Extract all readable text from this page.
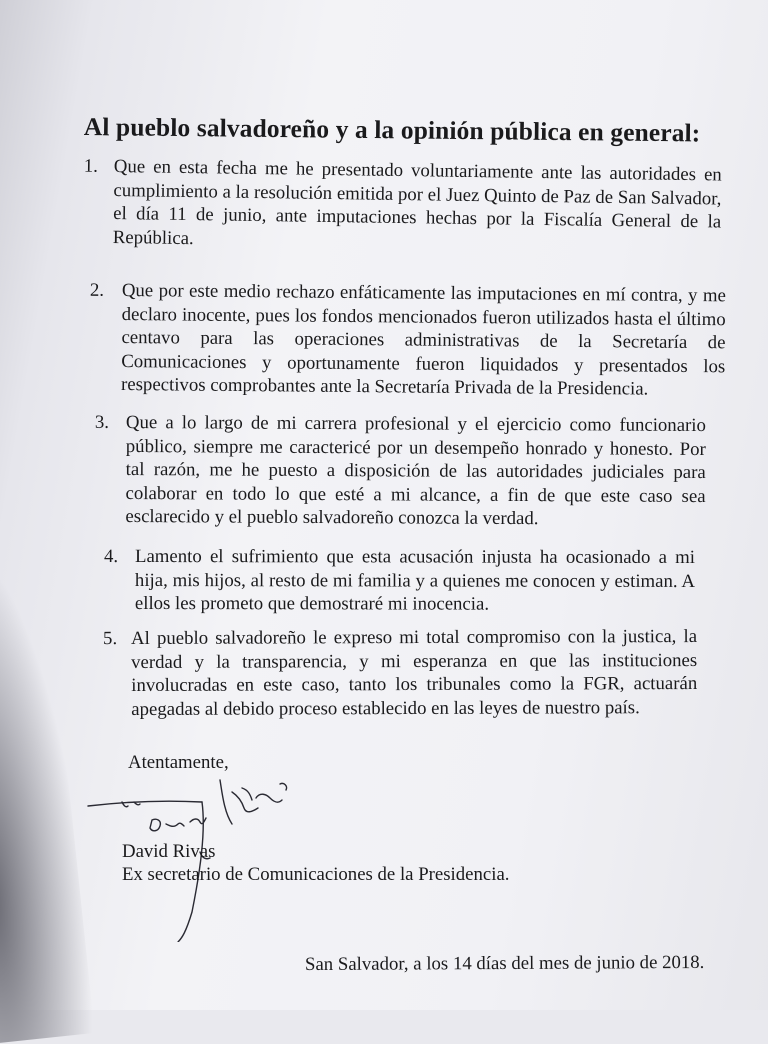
Al pueblo salvadoreño y a la opinión pública en general:
1. Que en esta fecha me he presentado voluntariamente ante las autoridades en cumplimiento a la resolución emitida por el Juez Quinto de Paz de San Salvador, el día 11 de junio, ante imputaciones hechas por la Fiscalía General de la República.
2. Que por este medio rechazo enfáticamente las imputaciones en mí contra, y me declaro inocente, pues los fondos mencionados fueron utilizados hasta el último centavo para las operaciones administrativas de la Secretaría de Comunicaciones y oportunamente fueron liquidados y presentados los respectivos comprobantes ante la Secretaría Privada de la Presidencia.
3. Que a lo largo de mi carrera profesional y el ejercicio como funcionario público, siempre me caractericé por un desempeño honrado y honesto. Por tal razón, me he puesto a disposición de las autoridades judiciales para colaborar en todo lo que esté a mi alcance, a fin de que este caso sea esclarecido y el pueblo salvadoreño conozca la verdad.
4. Lamento el sufrimiento que esta acusación injusta ha ocasionado a mi hija, mis hijos, al resto de mi familia y a quienes me conocen y estiman. A ellos les prometo que demostraré mi inocencia.
5. Al pueblo salvadoreño le expreso mi total compromiso con la justica, la verdad y la transparencia, y mi esperanza en que las instituciones involucradas en este caso, tanto los tribunales como la FGR, actuarán apegadas al debido proceso establecido en las leyes de nuestro país.
Atentamente,
David Rivas
Ex secretario de Comunicaciones de la Presidencia.
San Salvador, a los 14 días del mes de junio de 2018.
